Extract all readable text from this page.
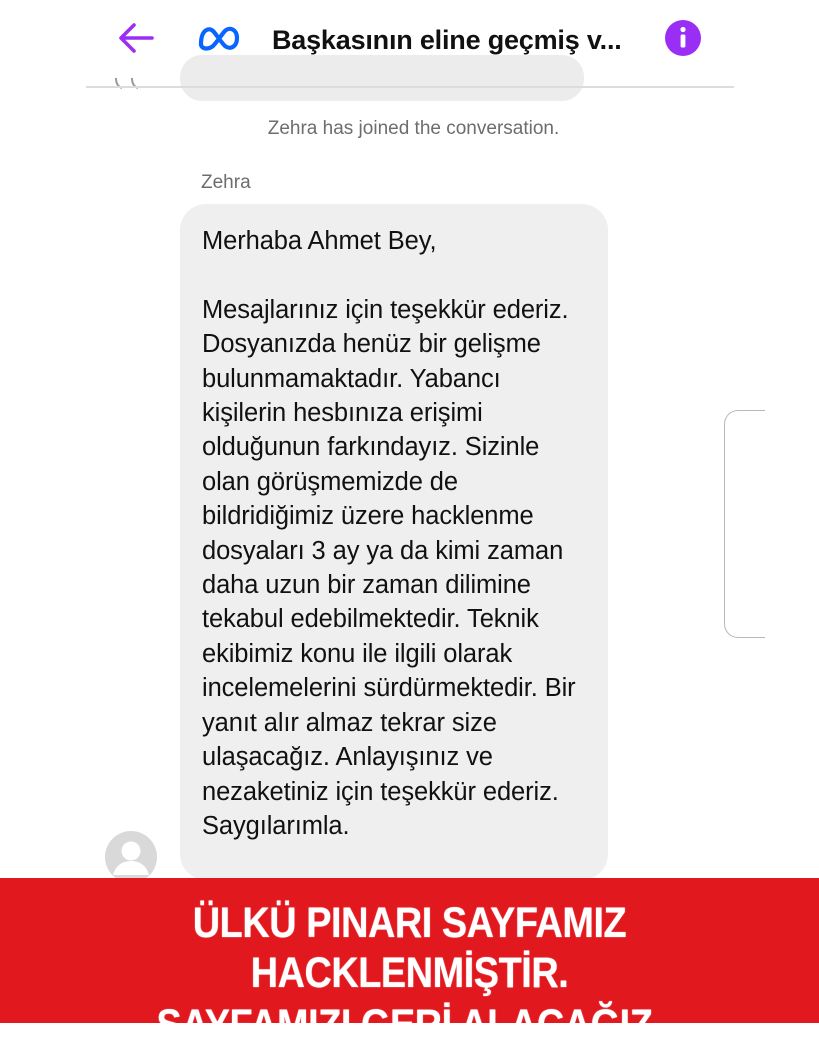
Başkasının eline geçmiş v...
Zehra has joined the conversation.
Zehra

Merhaba Ahmet Bey,

Mesajlarınız için teşekkür ederiz. Dosyanızda henüz bir gelişme bulunmamaktadır. Yabancı kişilerin hesbınıza erişimi olduğunun farkındayız. Sizinle olan görüşmemizde de bildridiğimiz üzere hacklenme dosyaları 3 ay ya da kimi zaman daha uzun bir zaman dilimine tekabul edebilmektedir. Teknik ekibimiz konu ile ilgili olarak incelemelerini sürdürmektedir. Bir yanıt alır almaz tekrar size ulaşacağız. Anlayışınız ve nezaketiniz için teşekkür ederiz. Saygılarımla.

ÜLKÜ PINARI SAYFAMIZ HACKLENMİŞTİR.
SAYFAMIZI GERİ ALACAĞIZ.
